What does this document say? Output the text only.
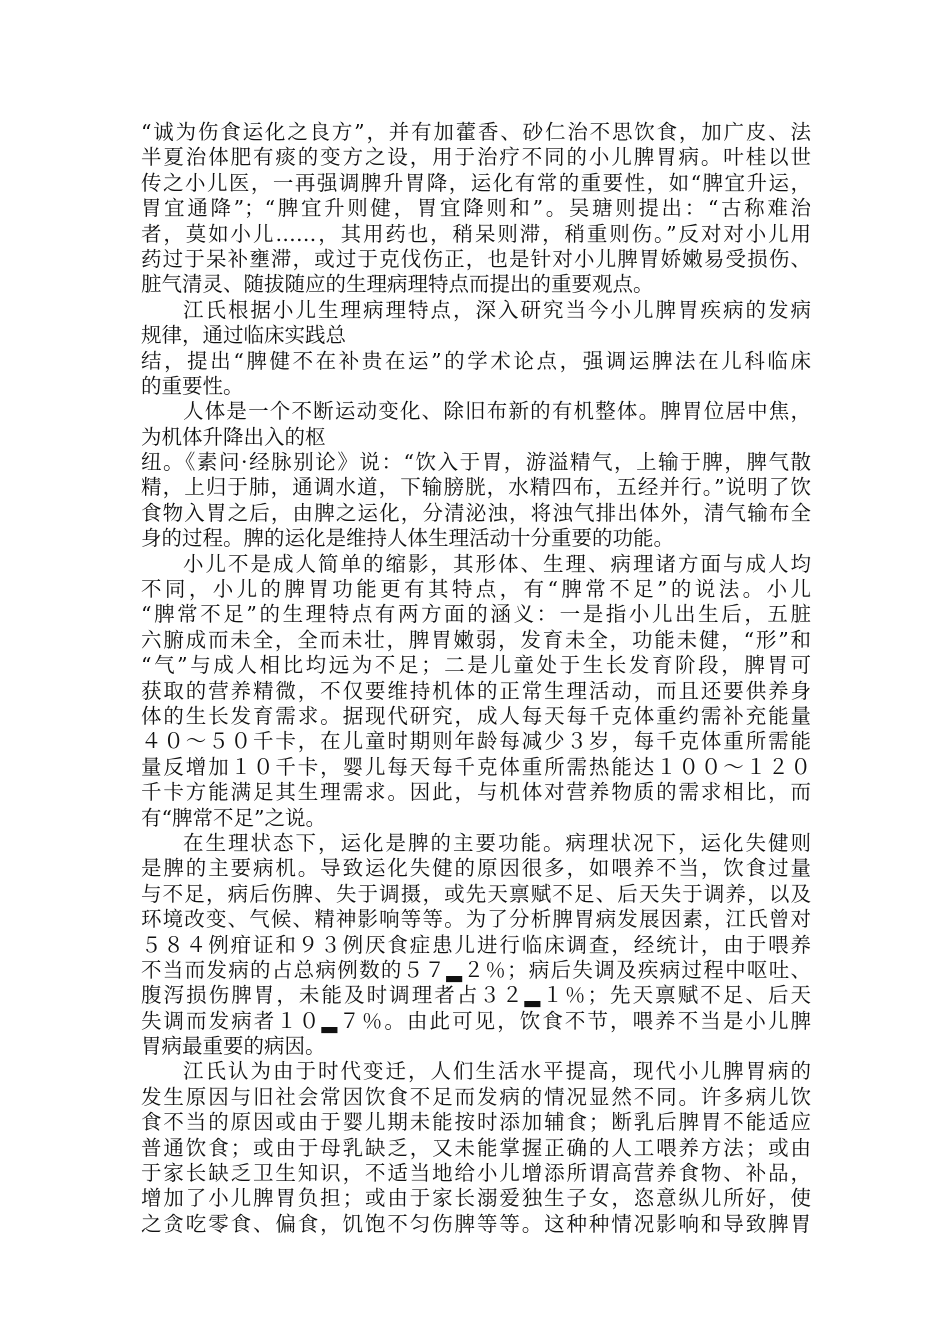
“诚为伤食运化之良方”，并有加藿香、砂仁治不思饮食，加广皮、法
半夏治体肥有痰的变方之设，用于治疗不同的小儿脾胃病。叶桂以世
传之小儿医，一再强调脾升胃降，运化有常的重要性，如“脾宜升运，
胃宜通降”；“脾宜升则健，胃宜降则和”。吴瑭则提出：“古称难治
者，莫如小儿……，其用药也，稍呆则滞，稍重则伤。”反对对小儿用
药过于呆补壅滞，或过于克伐伤正，也是针对小儿脾胃娇嫩易受损伤、
脏气清灵、随拔随应的生理病理特点而提出的重要观点。
江氏根据小儿生理病理特点，深入研究当今小儿脾胃疾病的发病
规律，通过临床实践总
结，提出“脾健不在补贵在运”的学术论点，强调运脾法在儿科临床
的重要性。
人体是一个不断运动变化、除旧布新的有机整体。脾胃位居中焦，
为机体升降出入的枢
纽。《素问·经脉别论》说：“饮入于胃，游溢精气，上输于脾，脾气散
精，上归于肺，通调水道，下输膀胱，水精四布，五经并行。”说明了饮
食物入胃之后，由脾之运化，分清泌浊，将浊气排出体外，清气输布全
身的过程。脾的运化是维持人体生理活动十分重要的功能。
小儿不是成人简单的缩影，其形体、生理、病理诸方面与成人均
不同，小儿的脾胃功能更有其特点，有“脾常不足”的说法。小儿
“脾常不足”的生理特点有两方面的涵义：一是指小儿出生后，五脏
六腑成而未全，全而未壮，脾胃嫩弱，发育未全，功能未健，“形”和
“气”与成人相比均远为不足；二是儿童处于生长发育阶段，脾胃可
获取的营养精微，不仅要维持机体的正常生理活动，而且还要供养身
体的生长发育需求。据现代研究，成人每天每千克体重约需补充能量
４０～５０千卡，在儿童时期则年龄每减少３岁，每千克体重所需能
量反增加１０千卡，婴儿每天每千克体重所需热能达１００～１２０
千卡方能满足其生理需求。因此，与机体对营养物质的需求相比，而
有“脾常不足”之说。
在生理状态下，运化是脾的主要功能。病理状况下，运化失健则
是脾的主要病机。导致运化失健的原因很多，如喂养不当，饮食过量
与不足，病后伤脾、失于调摄，或先天禀赋不足、后天失于调养，以及
环境改变、气候、精神影响等等。为了分析脾胃病发展因素，江氏曾对
５８４例疳证和９３例厌食症患儿进行临床调查，经统计，由于喂养
不当而发病的占总病例数的５７▂２％；病后失调及疾病过程中呕吐、
腹泻损伤脾胃，未能及时调理者占３２▂１％；先天禀赋不足、后天
失调而发病者１０▂７％。由此可见，饮食不节，喂养不当是小儿脾
胃病最重要的病因。
江氏认为由于时代变迁，人们生活水平提高，现代小儿脾胃病的
发生原因与旧社会常因饮食不足而发病的情况显然不同。许多病儿饮
食不当的原因或由于婴儿期未能按时添加辅食；断乳后脾胃不能适应
普通饮食；或由于母乳缺乏，又未能掌握正确的人工喂养方法；或由
于家长缺乏卫生知识，不适当地给小儿增添所谓高营养食物、补品，
增加了小儿脾胃负担；或由于家长溺爱独生子女，恣意纵儿所好，使
之贪吃零食、偏食，饥饱不匀伤脾等等。这种种情况影响和导致脾胃
